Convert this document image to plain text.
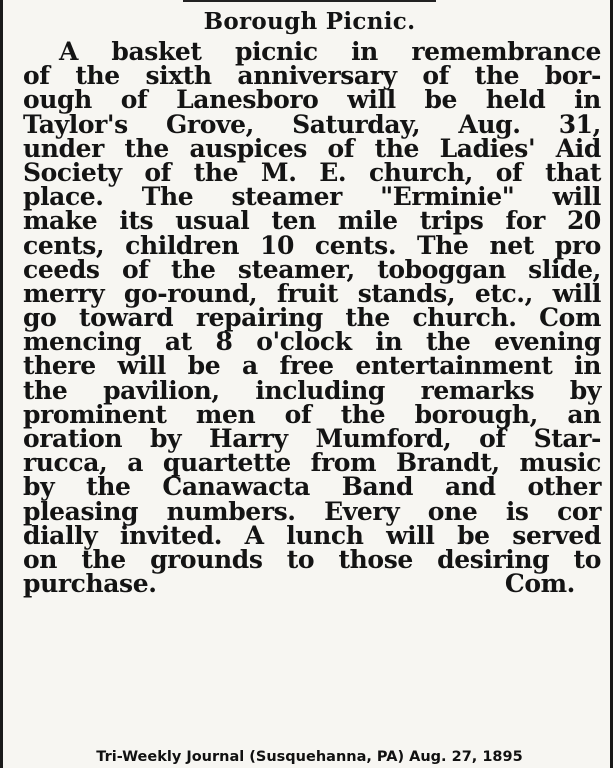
Borough Picnic.
A basket picnic in remembrance
of the sixth anniversary of the bor-
ough of Lanesboro will be held in
Taylor's Grove, Saturday, Aug. 31,
under the auspices of the Ladies' Aid
Society of the M. E. church, of that
place. The steamer "Erminie" will
make its usual ten mile trips for 20
cents, children 10 cents. The net pro
ceeds of the steamer, toboggan slide,
merry go-round, fruit stands, etc., will
go toward repairing the church. Com
mencing at 8 o'clock in the evening
there will be a free entertainment in
the pavilion, including remarks by
prominent men of the borough, an
oration by Harry Mumford, of Star-
rucca, a quartette from Brandt, music
by the Canawacta Band and other
pleasing numbers. Every one is cor
dially invited. A lunch will be served
on the grounds to those desiring to
purchase.	Com.
Tri-Weekly Journal (Susquehanna, PA) Aug. 27, 1895
